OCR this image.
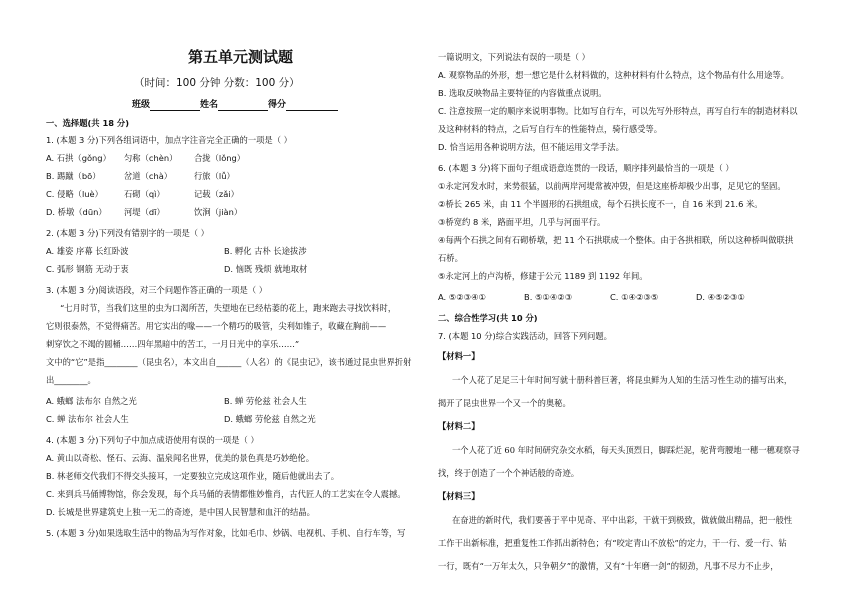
第五单元测试题
（时间：100 分钟 分数：100 分）
班级	姓名	得分
一、选择题(共 18 分)
1. (本题 3 分)下列各组词语中，加点字注音完全正确的一项是（ ）
A. 石拱（gǒng） 匀称（chèn） 合拢（lǒng）
B. 踢蹴（bō）	岔道（chà）	行旅（lǚ）
C. 侵略（luè）	石砌（qì）	记载（zǎi）
D. 桥墩（dūn） 河堤（dī）	饮涧（jiàn）
2. (本题 3 分)下列没有错别字的一项是（ ）
A. 雄姿 序幕 长红卧波	B. 孵化 古朴 长途拔涉
C. 弧形 钢筋 无动于衷	D. 恼既 残烦 就地取材
3. (本题 3 分)阅读语段，对三个问题作答正确的一项是（ ）
“七月时节，当我们这里的虫为口渴所苦，失望地在已经枯萎的花上，跑来跑去寻找饮料时，
它则很泰然，不觉得痛苦。用它实出的喙——一个精巧的吸管，尖利如锥子，收藏在胸前——
刺穿饮之不竭的圆桶……四年黑暗中的苦工，一月日光中的享乐……”
文中的“它”是指________（昆虫名），本文出自______（人名）的《昆虫记》，该书通过昆虫世界折射
出________。
A. 蛾螂 法布尔 自然之光	B. 蝉 劳伦兹 社会人生
C. 蝉 法布尔 社会人生	D. 蛾螂 劳伦兹 自然之光
4. (本题 3 分)下列句子中加点成语使用有误的一项是（ ）
A. 黄山以奇松、怪石、云海、温泉闻名世界，优美的景色真是巧妙绝伦。
B. 林老师交代我们不得交头接耳，一定要独立完成这项作业，随后他就出去了。
C. 来到兵马俑博物馆，你会发现，每个兵马俑的表情都惟妙惟肖，古代匠人的工艺实在令人震撼。
D. 长城是世界建筑史上独一无二的奇迹，是中国人民智慧和血汗的结晶。
5. (本题 3 分)如果选取生活中的物品为写作对象，比如毛巾、炒锅、电视机、手机、自行车等，写
一篇说明文，下列说法有误的一项是（ ）
A. 观察物品的外形，想一想它是什么材料做的，这种材料有什么特点，这个物品有什么用途等。
B. 选取反映物品主要特征的内容做重点说明。
C. 注意按照一定的顺序来说明事物。比如写自行车，可以先写外形特点，再写自行车的制造材料以
及这种材料的特点，之后写自行车的性能特点，骑行感受等。
D. 恰当运用各种说明方法，但不能运用文学手法。
6. (本题 3 分)将下面句子组成语意连贯的一段话，顺序排列最恰当的一项是（ ）
①永定河发水时，来势很猛，以前两岸河堤常被冲毁，但是这座桥却极少出事，足见它的坚固。
②桥长 265 米，由 11 个半圆形的石拱组成，每个石拱长度不一，自 16 米到 21.6 米。
③桥宽约 8 米，路面平坦，几乎与河面平行。
④每两个石拱之间有石砌桥墩，把 11 个石拱联成一个整体。由于各拱相联，所以这种桥叫做联拱
石桥。
⑤永定河上的卢沟桥，修建于公元 1189 到 1192 年间。
A. ⑤②③④①	B. ⑤①④②③	C. ①④②③⑤	D. ④⑤②③①
二、综合性学习(共 10 分)
7. (本题 10 分)综合实践活动，回答下列问题。
【材料一】
一个人花了足足三十年时间写就十册科普巨著，将昆虫鲜为人知的生活习性生动的描写出来，
揭开了昆虫世界一个又一个的奥秘。
【材料二】
一个人花了近 60 年时间研究杂交水稻，每天头顶烈日，脚踩烂泥，驼背弯腰地一穗一穗观察寻
找，终于创造了一个个神话般的奇迹。
【材料三】
在奋进的新时代，我们要善于平中见奇、平中出彩，干就干到极致，做就做出精品，把一般性
工作干出新标准，把重复性工作抓出新特色；有“咬定青山不放松”的定力，干一行、爱一行、钻
一行，既有“一万年太久，只争朝夕”的激情，又有“十年磨一剑”的韧劲，凡事不尽力不止步，
